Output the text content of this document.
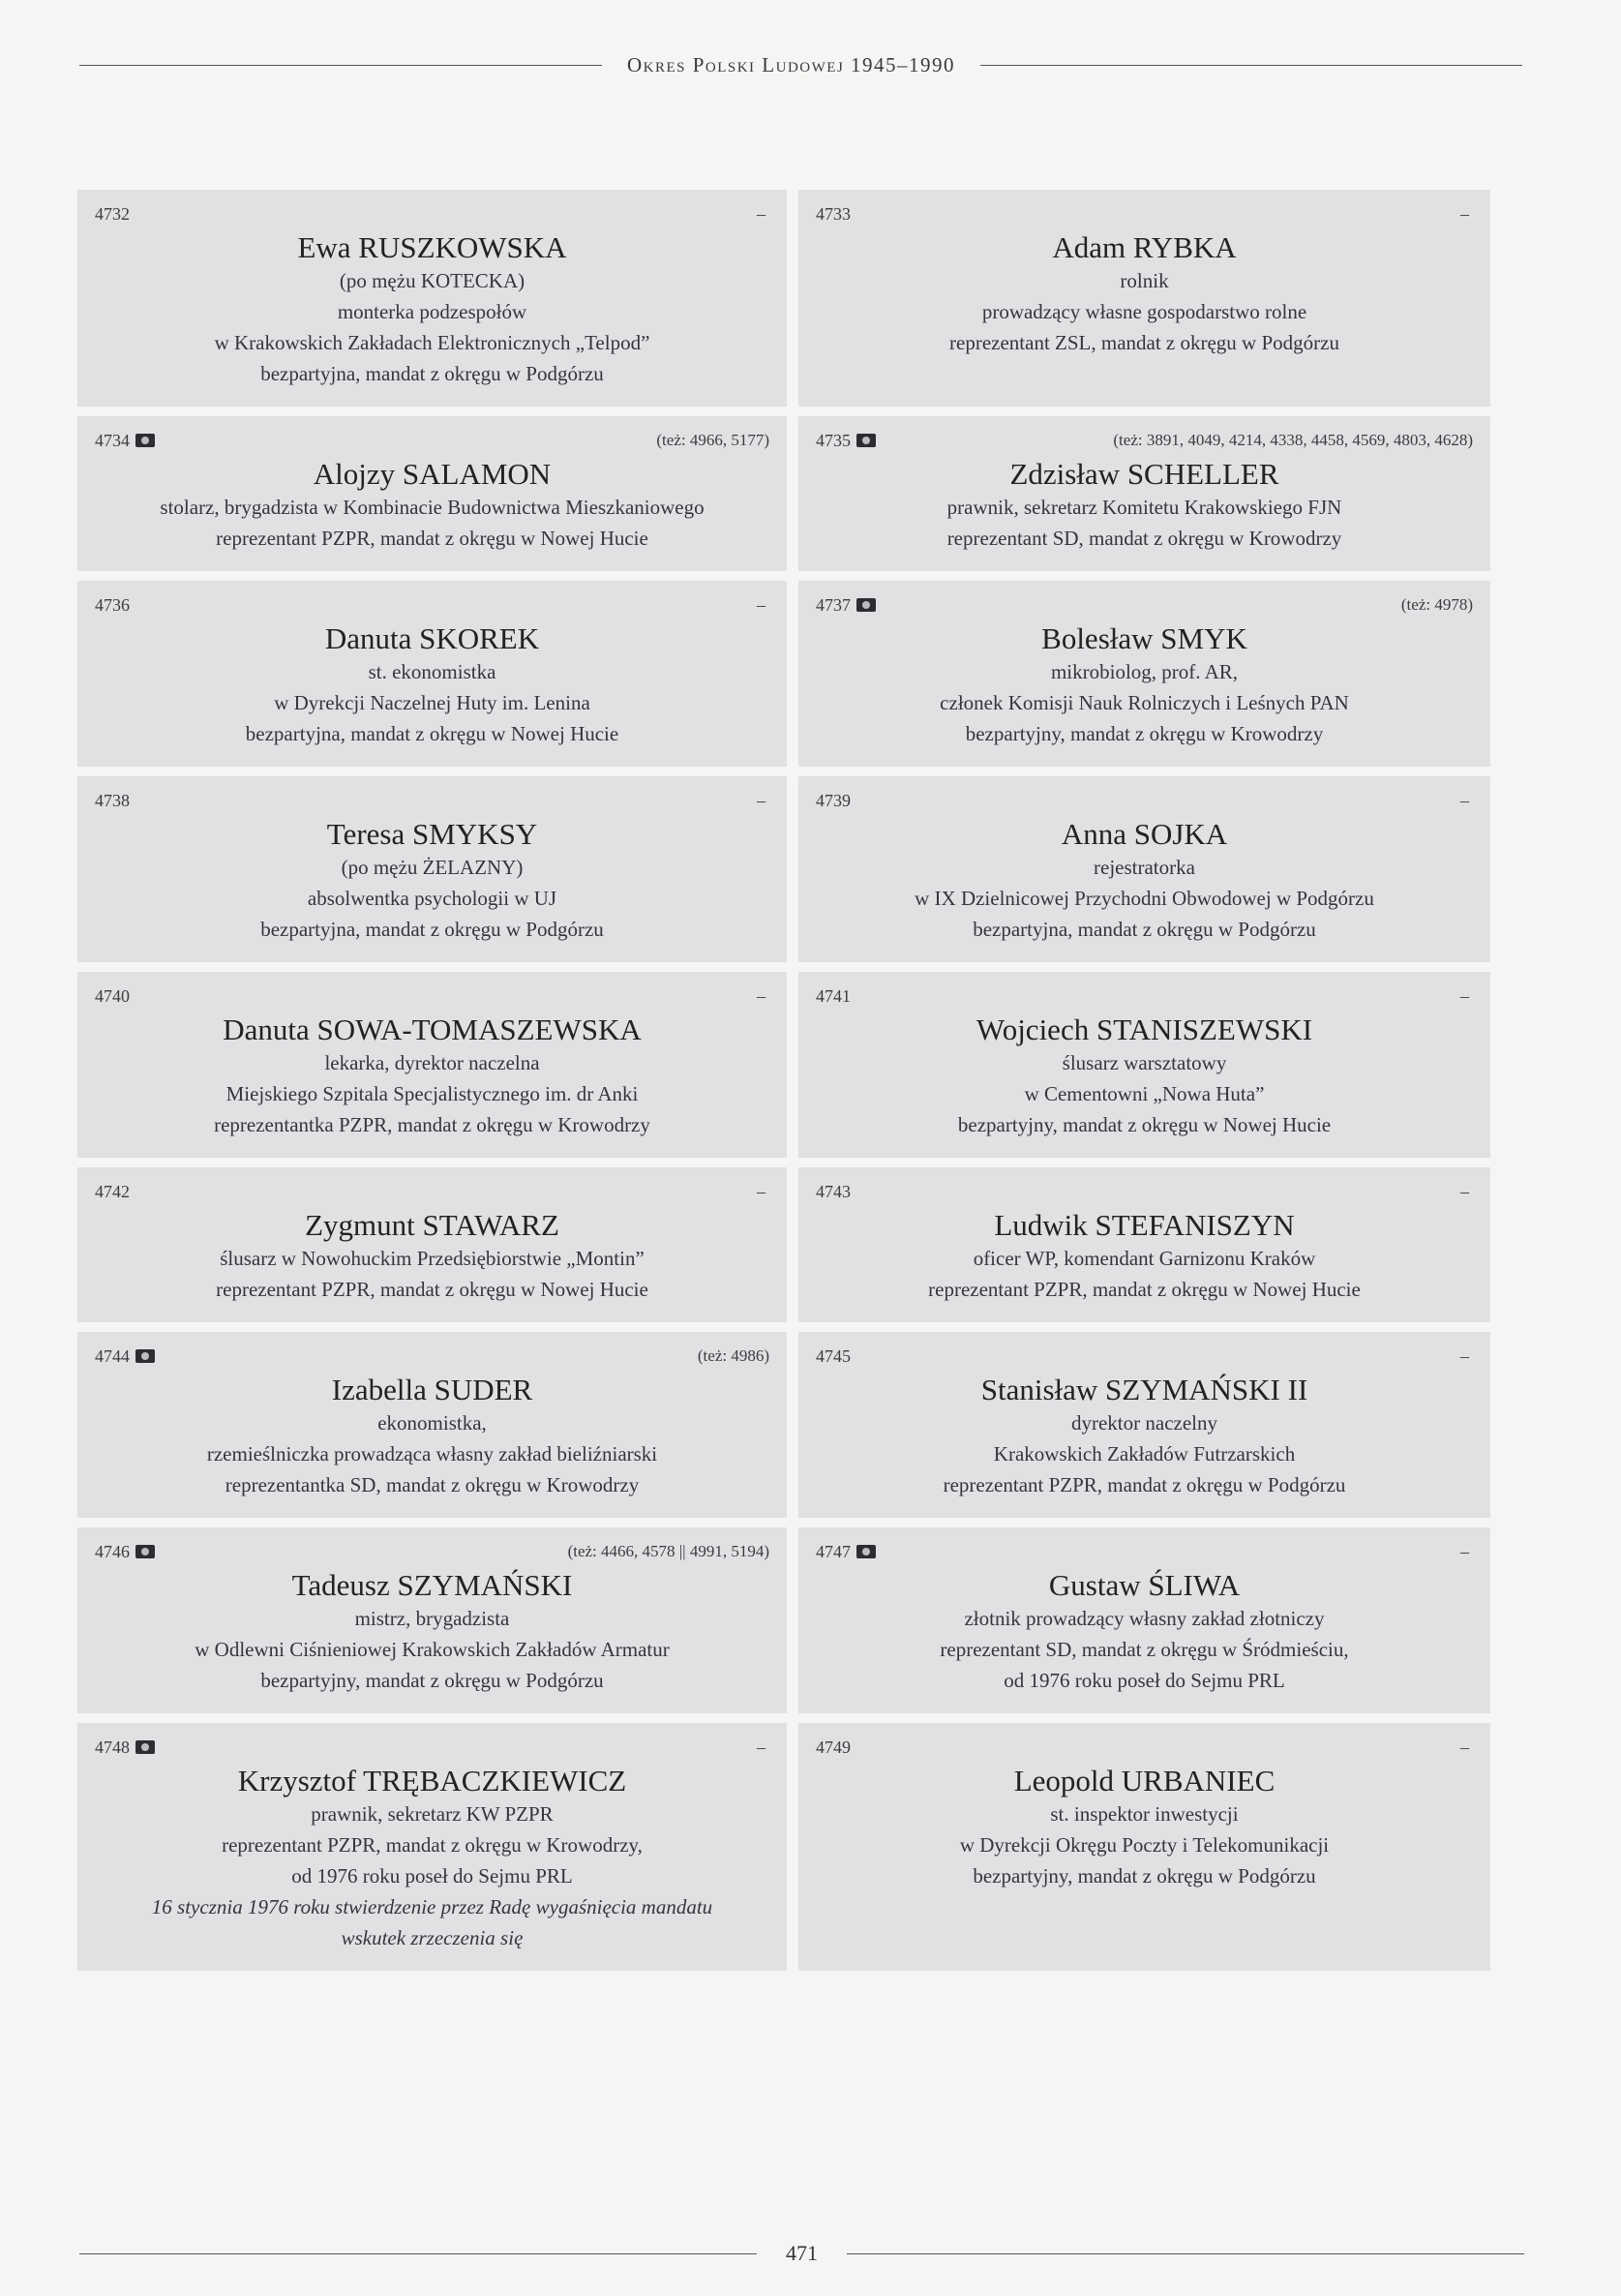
Okres Polski Ludowej 1945–1990
4732	–
Ewa RUSZKOWSKA
(po mężu KOTECKA)
monterka podzespołów
w Krakowskich Zakładach Elektronicznych „Telpod”
bezpartyjna, mandat z okręgu w Podgórzu
4733	–
Adam RYBKA
rolnik
prowadzący własne gospodarstwo rolne
reprezentant ZSL, mandat z okręgu w Podgórzu
4734	(też: 4966, 5177)
Alojzy SALAMON
stolarz, brygadzista w Kombinacie Budownictwa Mieszkaniowego
reprezentant PZPR, mandat z okręgu w Nowej Hucie
4735	(też: 3891, 4049, 4214, 4338, 4458, 4569, 4803, 4628)
Zdzisław SCHELLER
prawnik, sekretarz Komitetu Krakowskiego FJN
reprezentant SD, mandat z okręgu w Krowodrzy
4736	–
Danuta SKOREK
st. ekonomistka
w Dyrekcji Naczelnej Huty im. Lenina
bezpartyjna, mandat z okręgu w Nowej Hucie
4737	(też: 4978)
Bolesław SMYK
mikrobiolog, prof. AR,
członek Komisji Nauk Rolniczych i Leśnych PAN
bezpartyjny, mandat z okręgu w Krowodrzy
4738	–
Teresa SMYKSY
(po mężu ŻELAZNY)
absolwentka psychologii w UJ
bezpartyjna, mandat z okręgu w Podgórzu
4739	–
Anna SOJKA
rejestratorka
w IX Dzielnicowej Przychodni Obwodowej w Podgórzu
bezpartyjna, mandat z okręgu w Podgórzu
4740	–
Danuta SOWA-TOMASZEWSKA
lekarka, dyrektor naczelna
Miejskiego Szpitala Specjalistycznego im. dr Anki
reprezentantka PZPR, mandat z okręgu w Krowodrzy
4741	–
Wojciech STANISZEWSKI
ślusarz warsztatowy
w Cementowni „Nowa Huta”
bezpartyjny, mandat z okręgu w Nowej Hucie
4742	–
Zygmunt STAWARZ
ślusarz w Nowohuckim Przedsiębiorstwie „Montin”
reprezentant PZPR, mandat z okręgu w Nowej Hucie
4743	–
Ludwik STEFANISZYN
oficer WP, komendant Garnizonu Kraków
reprezentant PZPR, mandat z okręgu w Nowej Hucie
4744	(też: 4986)
Izabella SUDER
ekonomistka,
rzemieślniczka prowadząca własny zakład bieliźniarski
reprezentantka SD, mandat z okręgu w Krowodrzy
4745	–
Stanisław SZYMAŃSKI II
dyrektor naczelny
Krakowskich Zakładów Futrzarskich
reprezentant PZPR, mandat z okręgu w Podgórzu
4746	(też: 4466, 4578 || 4991, 5194)
Tadeusz SZYMAŃSKI
mistrz, brygadzista
w Odlewni Ciśnieniowej Krakowskich Zakładów Armatur
bezpartyjny, mandat z okręgu w Podgórzu
4747	–
Gustaw ŚLIWA
złotnik prowadzący własny zakład złotniczy
reprezentant SD, mandat z okręgu w Śródmieściu,
od 1976 roku poseł do Sejmu PRL
4748	–
Krzysztof TRĘBACZKIEWICZ
prawnik, sekretarz KW PZPR
reprezentant PZPR, mandat z okręgu w Krowodrzy,
od 1976 roku poseł do Sejmu PRL
16 stycznia 1976 roku stwierdzenie przez Radę wygaśnięcia mandatu
wskutek zrzeczenia się
4749	–
Leopold URBANIEC
st. inspektor inwestycji
w Dyrekcji Okręgu Poczty i Telekomunikacji
bezpartyjny, mandat z okręgu w Podgórzu
471
